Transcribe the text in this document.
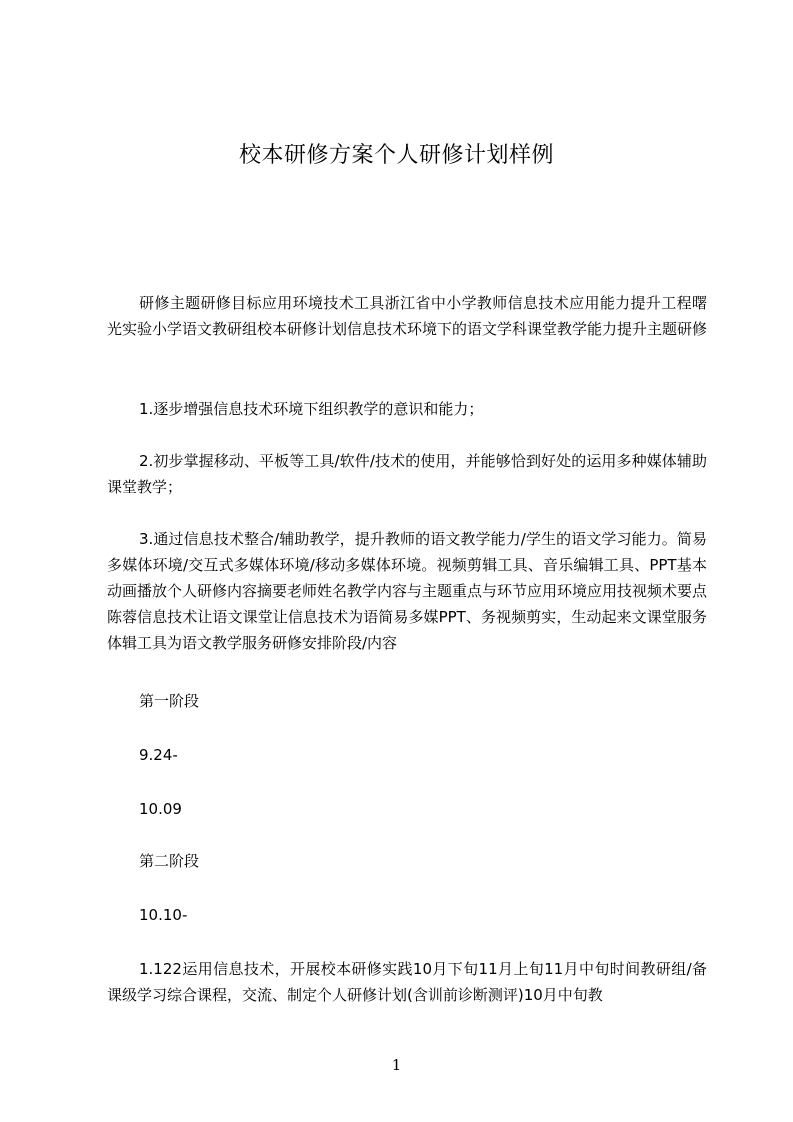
校本研修方案个人研修计划样例

研修主题研修目标应用环境技术工具浙江省中小学教师信息技术应用能力提升工程曙光实验小学语文教研组校本研修计划信息技术环境下的语文学科课堂教学能力提升主题研修

1.逐步增强信息技术环境下组织教学的意识和能力；

2.初步掌握移动、平板等工具/软件/技术的使用，并能够恰到好处的运用多种媒体辅助课堂教学；

3.通过信息技术整合/辅助教学，提升教师的语文教学能力/学生的语文学习能力。简易多媒体环境/交互式多媒体环境/移动多媒体环境。视频剪辑工具、音乐编辑工具、PPT基本动画播放个人研修内容摘要老师姓名教学内容与主题重点与环节应用环境应用技视频术要点陈蓉信息技术让语文课堂让信息技术为语简易多媒PPT、务视频剪实，生动起来文课堂服务体辑工具为语文教学服务研修安排阶段/内容

第一阶段

9.24-

10.09

第二阶段

10.10-

1.122运用信息技术，开展校本研修实践10月下旬11月上旬11月中旬时间教研组/备课级学习综合课程，交流、制定个人研修计划(含训前诊断测评)10月中旬教

1
